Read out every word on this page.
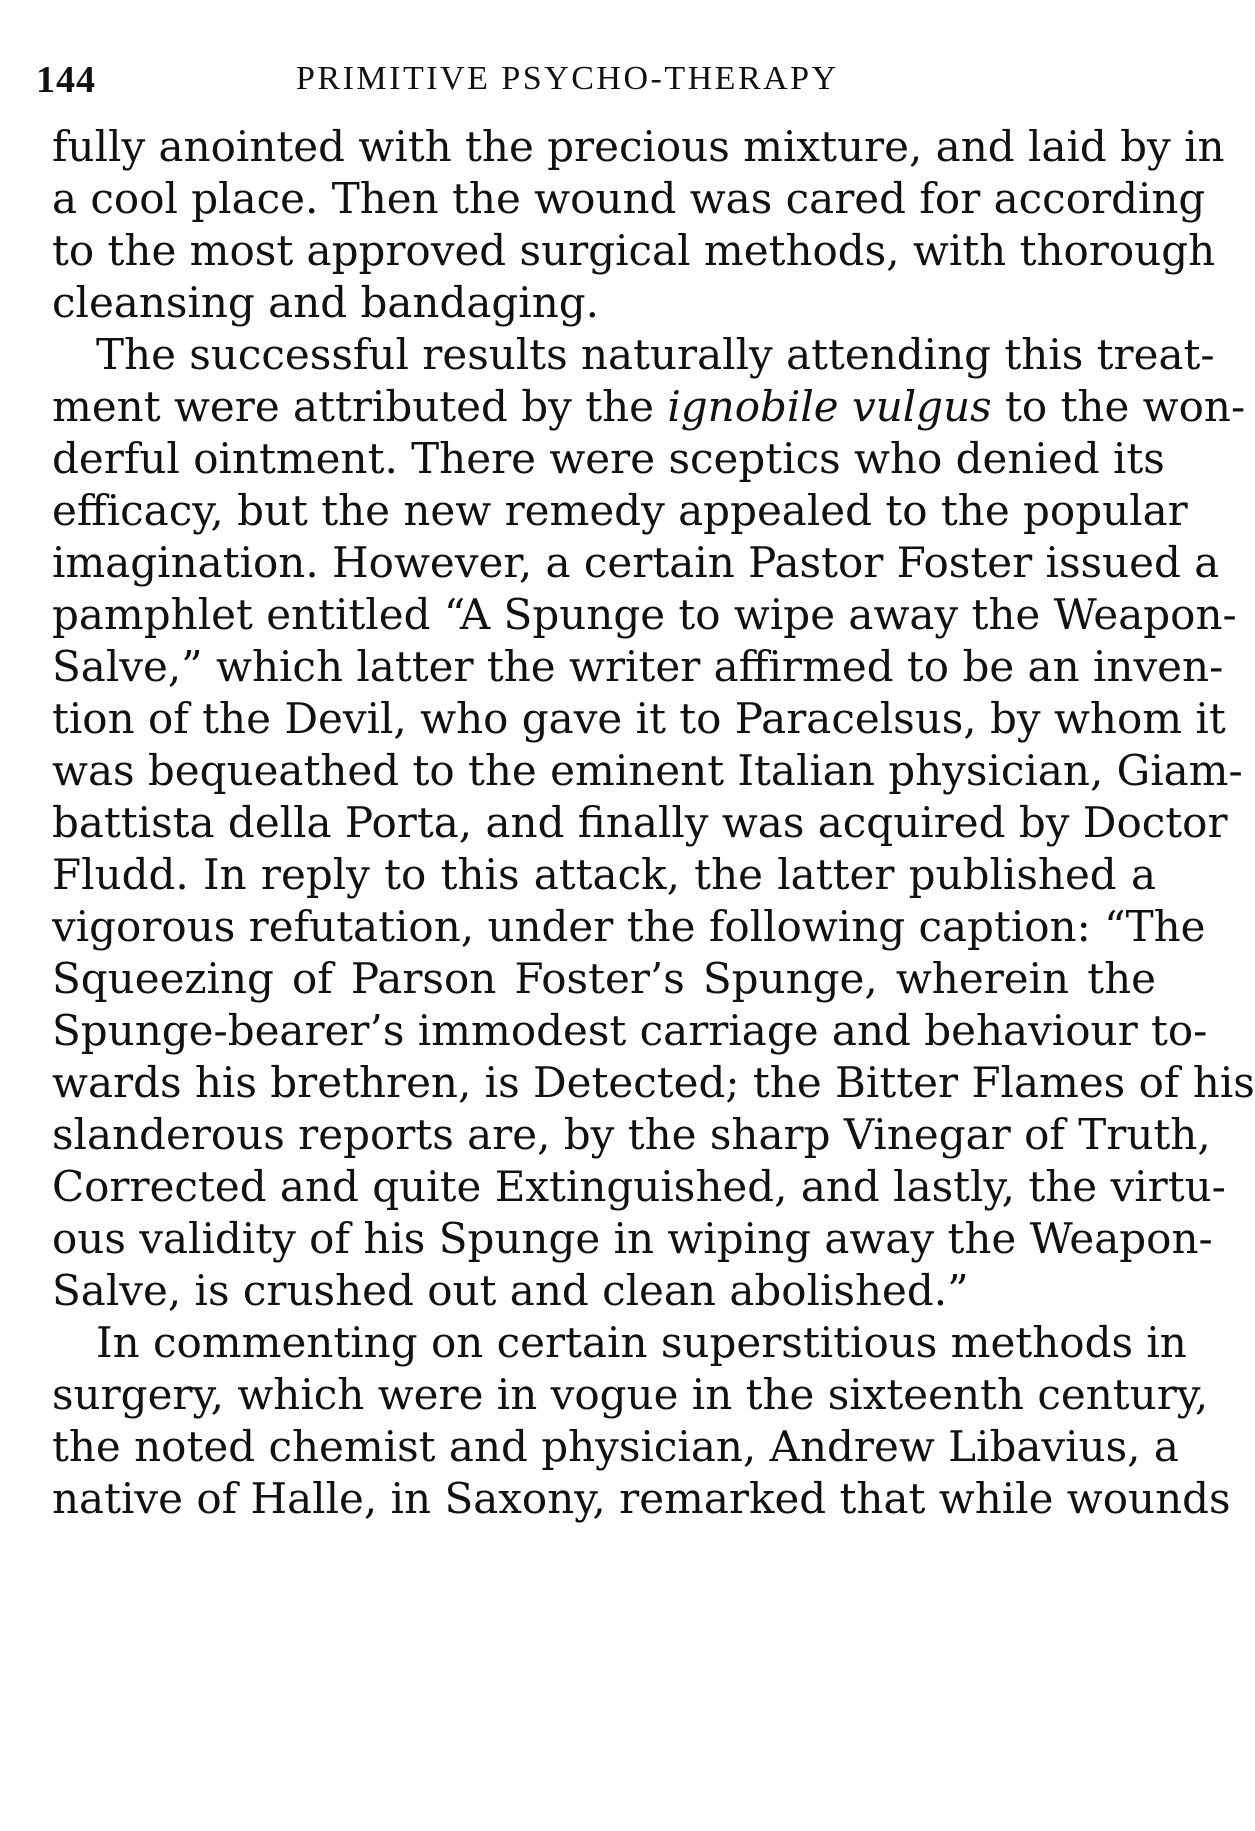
144	PRIMITIVE PSYCHO-THERAPY
fully anointed with the precious mixture, and laid by in
a cool place. Then the wound was cared for according
to the most approved surgical methods, with thorough
cleansing and bandaging.
The successful results naturally attending this treat-
ment were attributed by the ignobile vulgus to the won-
derful ointment. There were sceptics who denied its
efficacy, but the new remedy appealed to the popular
imagination. However, a certain Pastor Foster issued a
pamphlet entitled “A Spunge to wipe away the Weapon-
Salve,” which latter the writer affirmed to be an inven-
tion of the Devil, who gave it to Paracelsus, by whom it
was bequeathed to the eminent Italian physician, Giam-
battista della Porta, and finally was acquired by Doctor
Fludd. In reply to this attack, the latter published a
vigorous refutation, under the following caption: “The
Squeezing of Parson Foster’s Spunge, wherein the
Spunge-bearer’s immodest carriage and behaviour to-
wards his brethren, is Detected; the Bitter Flames of his
slanderous reports are, by the sharp Vinegar of Truth,
Corrected and quite Extinguished, and lastly, the virtu-
ous validity of his Spunge in wiping away the Weapon-
Salve, is crushed out and clean abolished.”
In commenting on certain superstitious methods in
surgery, which were in vogue in the sixteenth century,
the noted chemist and physician, Andrew Libavius, a
native of Halle, in Saxony, remarked that while wounds
